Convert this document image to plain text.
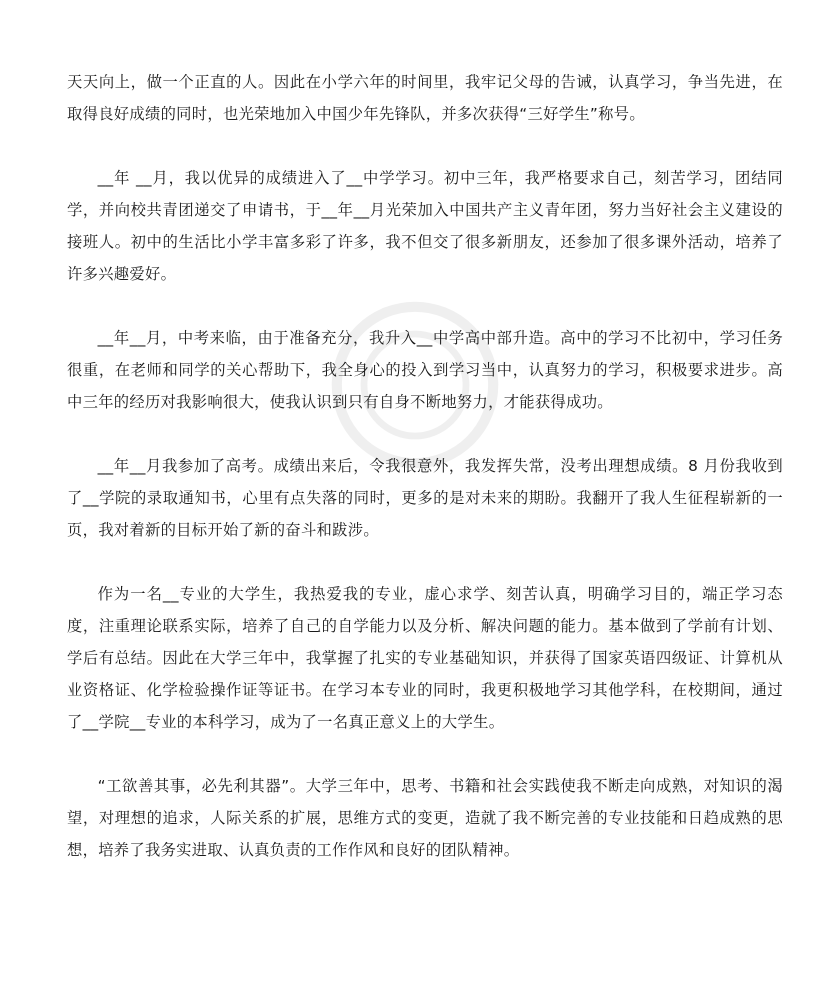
天天向上，做一个正直的人。因此在小学六年的时间里，我牢记父母的告诫，认真学习，争当先进，在取得良好成绩的同时，也光荣地加入中国少年先锋队，并多次获得“三好学生”称号。

__年 __月，我以优异的成绩进入了__中学学习。初中三年，我严格要求自己，刻苦学习，团结同学，并向校共青团递交了申请书，于__年__月光荣加入中国共产主义青年团，努力当好社会主义建设的接班人。初中的生活比小学丰富多彩了许多，我不但交了很多新朋友，还参加了很多课外活动，培养了许多兴趣爱好。

__年__月，中考来临，由于准备充分，我升入__中学高中部升造。高中的学习不比初中，学习任务很重，在老师和同学的关心帮助下，我全身心的投入到学习当中，认真努力的学习，积极要求进步。高中三年的经历对我影响很大，使我认识到只有自身不断地努力，才能获得成功。

__年__月我参加了高考。成绩出来后，令我很意外，我发挥失常，没考出理想成绩。8 月份我收到了__学院的录取通知书，心里有点失落的同时，更多的是对未来的期盼。我翻开了我人生征程崭新的一页，我对着新的目标开始了新的奋斗和跋涉。

作为一名__专业的大学生，我热爱我的专业，虚心求学、刻苦认真，明确学习目的，端正学习态度，注重理论联系实际，培养了自己的自学能力以及分析、解决问题的能力。基本做到了学前有计划、学后有总结。因此在大学三年中，我掌握了扎实的专业基础知识，并获得了国家英语四级证、计算机从业资格证、化学检验操作证等证书。在学习本专业的同时，我更积极地学习其他学科，在校期间，通过了__学院__专业的本科学习，成为了一名真正意义上的大学生。

“工欲善其事，必先利其器”。大学三年中，思考、书籍和社会实践使我不断走向成熟，对知识的渴望，对理想的追求，人际关系的扩展，思维方式的变更，造就了我不断完善的专业技能和日趋成熟的思想，培养了我务实进取、认真负责的工作作风和良好的团队精神。
